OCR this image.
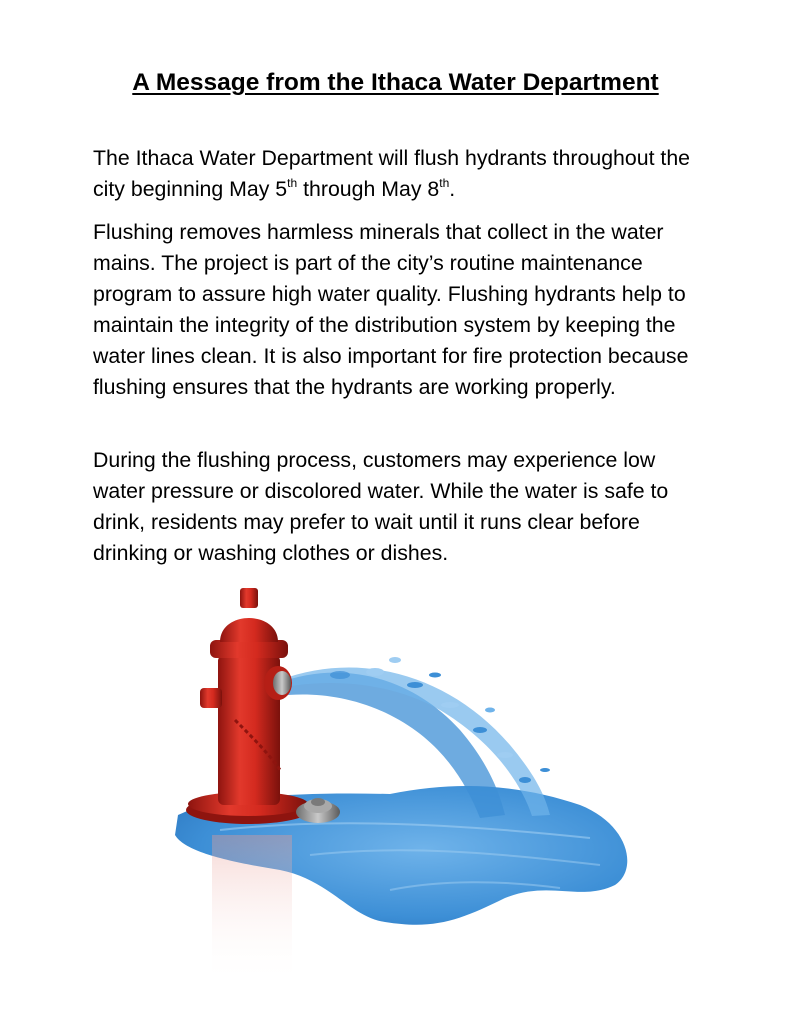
A Message from the Ithaca Water Department

The Ithaca Water Department will flush hydrants throughout the city beginning May 5th through May 8th.

Flushing removes harmless minerals that collect in the water mains. The project is part of the city’s routine maintenance program to assure high water quality. Flushing hydrants help to maintain the integrity of the distribution system by keeping the water lines clean. It is also important for fire protection because flushing ensures that the hydrants are working properly.

During the flushing process, customers may experience low water pressure or discolored water. While the water is safe to drink, residents may prefer to wait until it runs clear before drinking or washing clothes or dishes.
